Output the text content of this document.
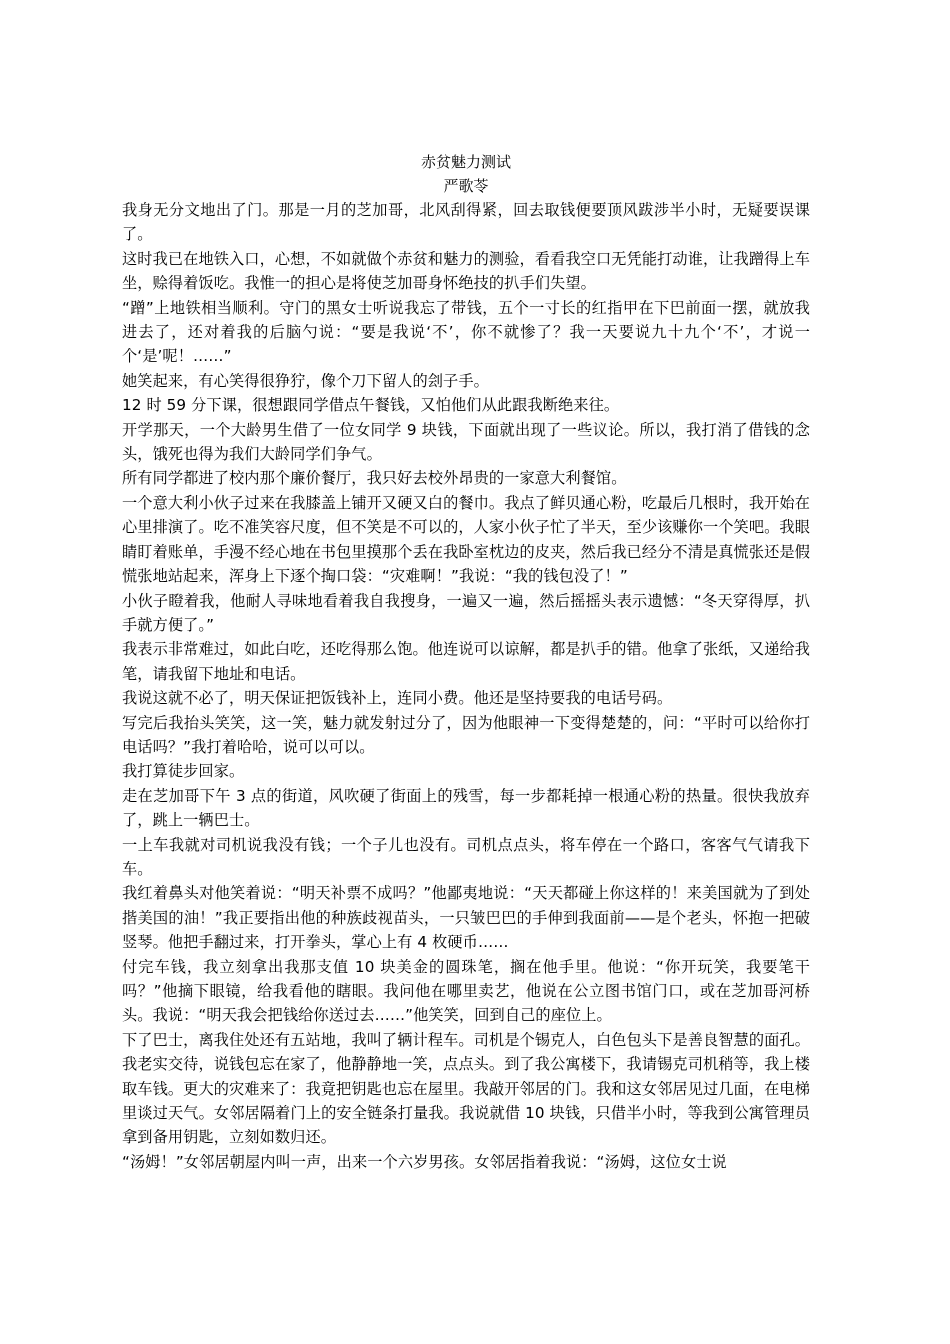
赤贫魅力测试

严歌苓

我身无分文地出了门。那是一月的芝加哥，北风刮得紧，回去取钱便要顶风跋涉半小时，无疑要误课了。

这时我已在地铁入口，心想，不如就做个赤贫和魅力的测验，看看我空口无凭能打动谁，让我蹭得上车坐，赊得着饭吃。我惟一的担心是将使芝加哥身怀绝技的扒手们失望。

“蹭”上地铁相当顺利。守门的黑女士听说我忘了带钱，五个一寸长的红指甲在下巴前面一摆，就放我进去了，还对着我的后脑勺说：“要是我说‘不’，你不就惨了？我一天要说九十九个‘不’，才说一个‘是’呢！……”

她笑起来，有心笑得很狰狞，像个刀下留人的刽子手。

12 时 59 分下课，很想跟同学借点午餐钱，又怕他们从此跟我断绝来往。

开学那天，一个大龄男生借了一位女同学 9 块钱，下面就出现了一些议论。所以，我打消了借钱的念头，饿死也得为我们大龄同学们争气。

所有同学都进了校内那个廉价餐厅，我只好去校外昂贵的一家意大利餐馆。

一个意大利小伙子过来在我膝盖上铺开又硬又白的餐巾。我点了鲜贝通心粉，吃最后几根时，我开始在心里排演了。吃不准笑容尺度，但不笑是不可以的，人家小伙子忙了半天，至少该赚你一个笑吧。我眼睛盯着账单，手漫不经心地在书包里摸那个丢在我卧室枕边的皮夹，然后我已经分不清是真慌张还是假慌张地站起来，浑身上下逐个掏口袋：“灾难啊！”我说：“我的钱包没了！”

小伙子瞪着我，他耐人寻味地看着我自我搜身，一遍又一遍，然后摇摇头表示遗憾：“冬天穿得厚，扒手就方便了。”

我表示非常难过，如此白吃，还吃得那么饱。他连说可以谅解，都是扒手的错。他拿了张纸，又递给我笔，请我留下地址和电话。

我说这就不必了，明天保证把饭钱补上，连同小费。他还是坚持要我的电话号码。

写完后我抬头笑笑，这一笑，魅力就发射过分了，因为他眼神一下变得楚楚的，问：“平时可以给你打电话吗？”我打着哈哈，说可以可以。

我打算徒步回家。

走在芝加哥下午 3 点的街道，风吹硬了街面上的残雪，每一步都耗掉一根通心粉的热量。很快我放弃了，跳上一辆巴士。

一上车我就对司机说我没有钱；一个子儿也没有。司机点点头，将车停在一个路口，客客气气请我下车。

我红着鼻头对他笑着说：“明天补票不成吗？”他鄙夷地说：“天天都碰上你这样的！来美国就为了到处揩美国的油！”我正要指出他的种族歧视苗头，一只皱巴巴的手伸到我面前——是个老头，怀抱一把破竖琴。他把手翻过来，打开拳头，掌心上有 4 枚硬币……

付完车钱，我立刻拿出我那支值 10 块美金的圆珠笔，搁在他手里。他说：“你开玩笑，我要笔干吗？”他摘下眼镜，给我看他的瞎眼。我问他在哪里卖艺，他说在公立图书馆门口，或在芝加哥河桥头。我说：“明天我会把钱给你送过去……”他笑笑，回到自己的座位上。

下了巴士，离我住处还有五站地，我叫了辆计程车。司机是个锡克人，白色包头下是善良智慧的面孔。我老实交待，说钱包忘在家了，他静静地一笑，点点头。到了我公寓楼下，我请锡克司机稍等，我上楼取车钱。更大的灾难来了：我竟把钥匙也忘在屋里。我敲开邻居的门。我和这女邻居见过几面，在电梯里谈过天气。女邻居隔着门上的安全链条打量我。我说就借 10 块钱，只借半小时，等我到公寓管理员拿到备用钥匙，立刻如数归还。

“汤姆！”女邻居朝屋内叫一声，出来一个六岁男孩。女邻居指着我说：“汤姆，这位女士说
